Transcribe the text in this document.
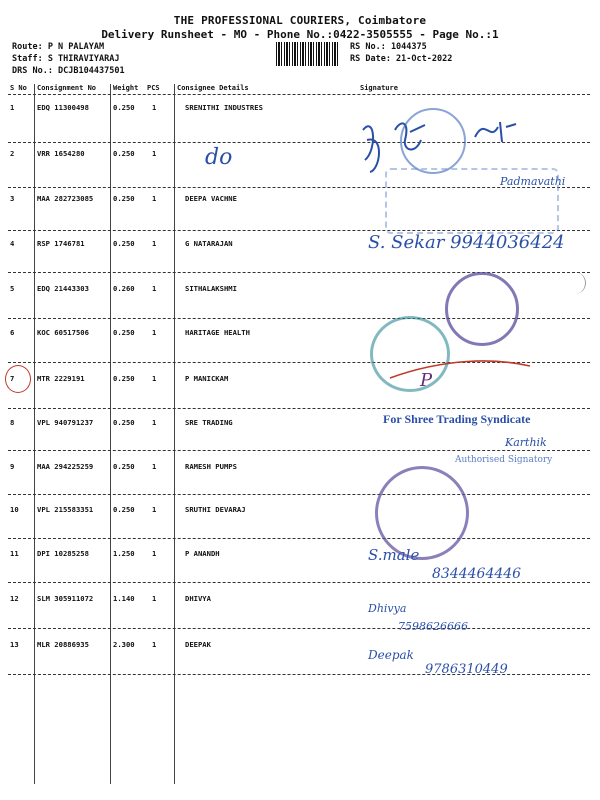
THE PROFESSIONAL COURIERS, Coimbatore
Delivery Runsheet - MO - Phone No.:0422-3505555 - Page No.:1
Route: P N PALAYAM
Staff: S THIRAVIYARAJ
DRS No.: DCJB104437501
RS No.: 1044375
RS Date: 21-Oct-2022
S No Consignment No Weight PCS Consignee Details	Signature
1	EDQ 11300498	0.250 1	SRENITHI INDUSTRES
2	VRR 1654280	0.250 1
3	MAA 282723085	0.250 1	DEEPA VACHNE
4	RSP 1746781	0.250 1	G NATARAJAN
5	EDQ 21443303	0.260 1	SITHALAKSHMI
6	KOC 60517506	0.250 1	HARITAGE HEALTH
7	MTR 2229191	0.250 1	P MANICKAM
8	VPL 940791237	0.250 1	SRE TRADING
9	MAA 294225259	0.250 1	RAMESH PUMPS
10	VPL 215583351	0.250 1	SRUTHI DEVARAJ
11	DPI 10285258	1.250 1	P ANANDH
12	SLM 305911072	1.140 1	DHIVYA
13	MLR 20886935	2.300 1	DEEPAK
do
Padmavathi
S. Sekar 9944036424
P
For Shree Trading Syndicate
Karthik
Authorised Signatory
S.male
8344464446
Dhivya
7598626666
Deepak
9786310449
